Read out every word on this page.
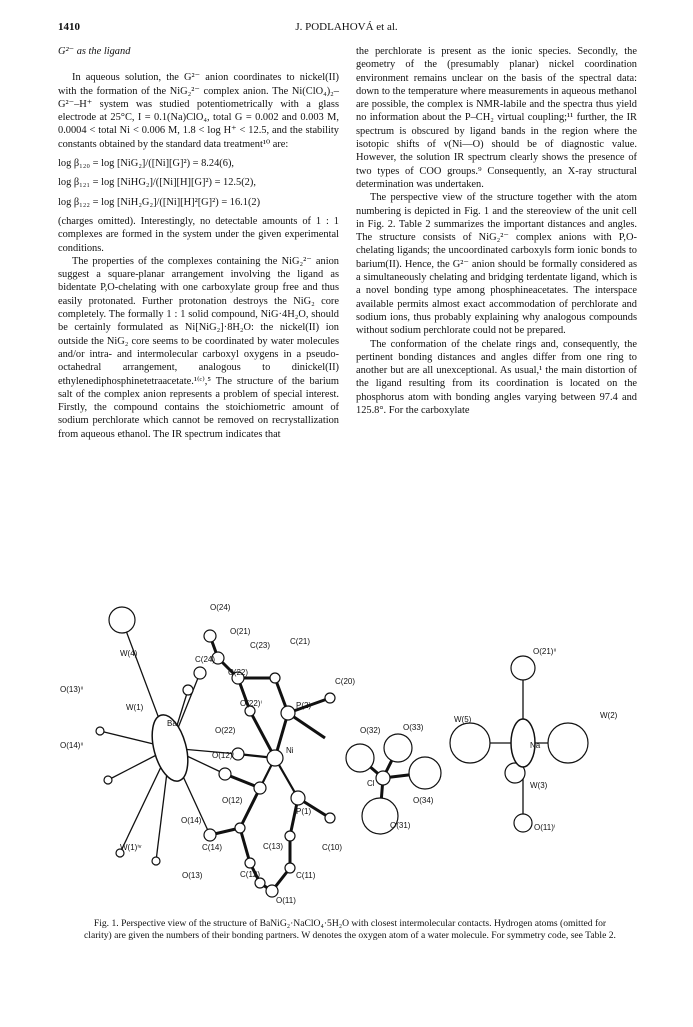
1410	J. PODLAHOVÁ et al.

G²⁻ as the ligand

In aqueous solution, the G²⁻ anion coordinates to nickel(II) with the formation of the NiG₂²⁻ complex anion. The Ni(ClO₄)₂–G²⁻–H⁺ system was studied potentiometrically with a glass electrode at 25°C, I = 0.1(Na)ClO₄, total G = 0.002 and 0.003 M, 0.0004 < total Ni < 0.006 M, 1.8 < log H⁺ < 12.5, and the stability constants obtained by the standard data treatment¹⁰ are:

log β₁₂₀ = log [NiG₂]/([Ni][G]²) = 8.24(6),

log β₁₂₁ = log [NiHG₂]/([Ni][H][G]²) = 12.5(2),

log β₁₂₂ = log [NiH₂G₂]/([Ni][H]²[G]²) = 16.1(2)

(charges omitted). Interestingly, no detectable amounts of 1 : 1 complexes are formed in the system under the given experimental conditions.

The properties of the complexes containing the NiG₂²⁻ anion suggest a square-planar arrangement involving the ligand as bidentate P,O-chelating with one carboxylate group free and thus easily protonated. Further protonation destroys the NiG₂ core completely. The formally 1 : 1 solid compound, NiG·4H₂O, should be certainly formulated as Ni[NiG₂]·8H₂O: the nickel(II) ion outside the NiG₂ core seems to be coordinated by water molecules and/or intra- and intermolecular carboxyl oxygens in a pseudo-octahedral arrangement, analogous to dinickel(II) ethylenediphosphinetetraacetate.¹⁽ᶜ⁾,⁵ The structure of the barium salt of the complex anion represents a problem of special interest. Firstly, the compound contains the stoichiometric amount of sodium perchlorate which cannot be removed on recrystallization from aqueous ethanol. The IR spectrum indicates that

the perchlorate is present as the ionic species. Secondly, the geometry of the (presumably planar) nickel coordination environment remains unclear on the basis of the spectral data: down to the temperature where measurements in aqueous methanol are possible, the complex is NMR-labile and the spectra thus yield no information about the P–CH₂ virtual coupling;¹¹ further, the IR spectrum is obscured by ligand bands in the region where the isotopic shifts of ν(Ni—O) should be of diagnostic value. However, the solution IR spectrum clearly shows the presence of two types of COO groups.⁹ Consequently, an X-ray structural determination was undertaken.

The perspective view of the structure together with the atom numbering is depicted in Fig. 1 and the stereoview of the unit cell in Fig. 2. Table 2 summarizes the important distances and angles. The structure consists of NiG₂²⁻ complex anions with P,O-chelating ligands; the uncoordinated carboxyls form ionic bonds to barium(II). Hence, the G²⁻ anion should be formally considered as a simultaneously chelating and bridging terdentate ligand, which is a novel bonding type among phosphineacetates. The interspace available permits almost exact accommodation of perchlorate and sodium ions, thus probably explaining why analogous compounds without sodium perchlorate could not be prepared.

The conformation of the chelate rings and, consequently, the pertinent bonding distances and angles differ from one ring to another but are all unexceptional. As usual,¹ the main distortion of the ligand resulting from its coordination is located on the phosphorus atom with bonding angles varying between 97.4 and 125.8°. For the carboxylate

W(4)
O(24)
O(21)
C(23) C(21)
C(24)
C(22)
C(20)
O(13)ⁱⁱ
W(1)	O(22)ⁱ	P(2)
Ba
O(22)	O(32)	O(33)
O(14)ⁱⁱ
O(12)ⁱ
Ni
Cl
O(12)	O(34)
P(1)
O(14)
O(31)
W(1)ⁱᵛ	C(14)	C(13)	C(10)
O(13)	C(12)	C(11)
O(11)
O(21)ⁱⁱ
W(5)	W(2)
Na
W(3)
O(11)ⁱ
Fig. 1. Perspective view of the structure of BaNiG₂·NaClO₄·5H₂O with closest intermolecular contacts. Hydrogen atoms (omitted for clarity) are given the numbers of their bonding partners. W denotes the oxygen atom of a water molecule. For symmetry code, see Table 2.
